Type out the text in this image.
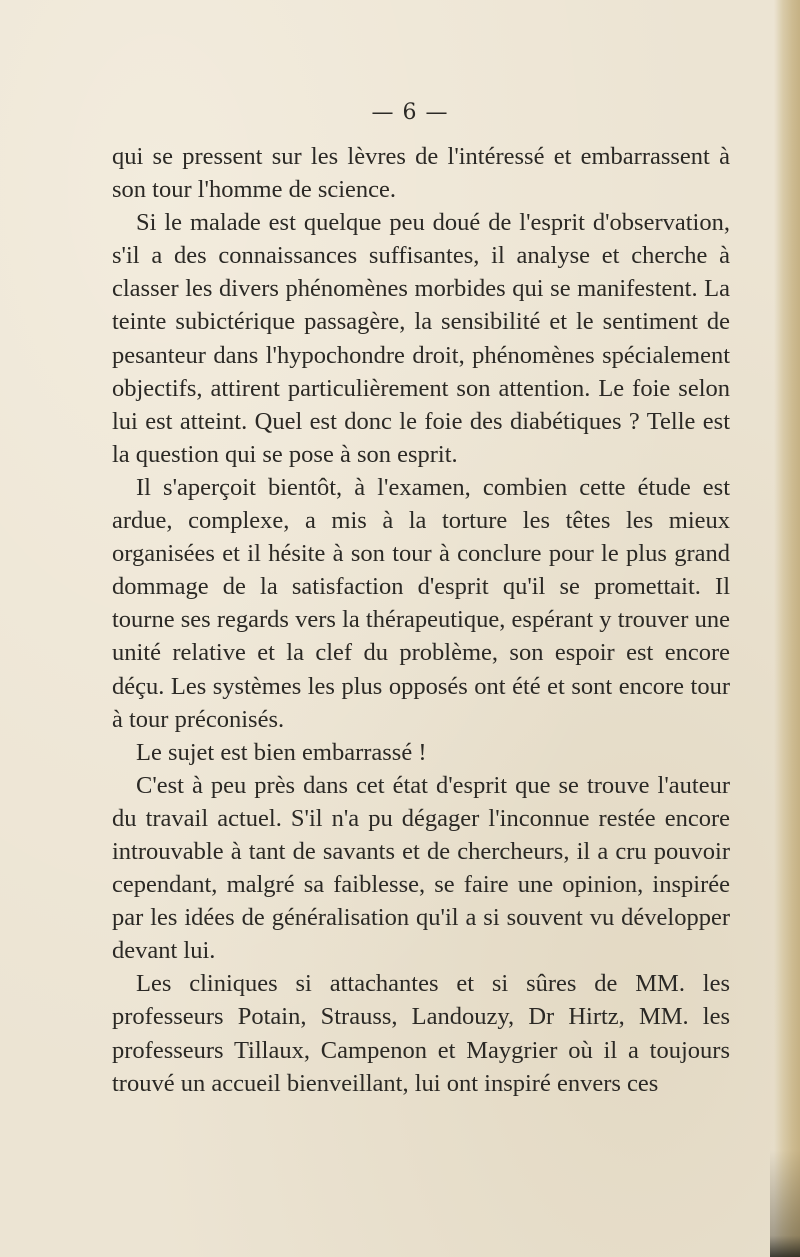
— 6 —

qui se pressent sur les lèvres de l'intéressé et embarrassent à son tour l'homme de science.

Si le malade est quelque peu doué de l'esprit d'observation, s'il a des connaissances suffisantes, il analyse et cherche à classer les divers phénomènes morbides qui se manifestent. La teinte subictérique passagère, la sensibilité et le sentiment de pesanteur dans l'hypochondre droit, phénomènes spécialement objectifs, attirent particulièrement son attention. Le foie selon lui est atteint. Quel est donc le foie des diabétiques ? Telle est la question qui se pose à son esprit.

Il s'aperçoit bientôt, à l'examen, combien cette étude est ardue, complexe, a mis à la torture les têtes les mieux organisées et il hésite à son tour à conclure pour le plus grand dommage de la satisfaction d'esprit qu'il se promettait. Il tourne ses regards vers la thérapeutique, espérant y trouver une unité relative et la clef du problème, son espoir est encore déçu. Les systèmes les plus opposés ont été et sont encore tour à tour préconisés.

Le sujet est bien embarrassé !

C'est à peu près dans cet état d'esprit que se trouve l'auteur du travail actuel. S'il n'a pu dégager l'inconnue restée encore introuvable à tant de savants et de chercheurs, il a cru pouvoir cependant, malgré sa faiblesse, se faire une opinion, inspirée par les idées de généralisation qu'il a si souvent vu développer devant lui.

Les cliniques si attachantes et si sûres de MM. les professeurs Potain, Strauss, Landouzy, Dr Hirtz, MM. les professeurs Tillaux, Campenon et Maygrier où il a toujours trouvé un accueil bienveillant, lui ont inspiré envers ces
